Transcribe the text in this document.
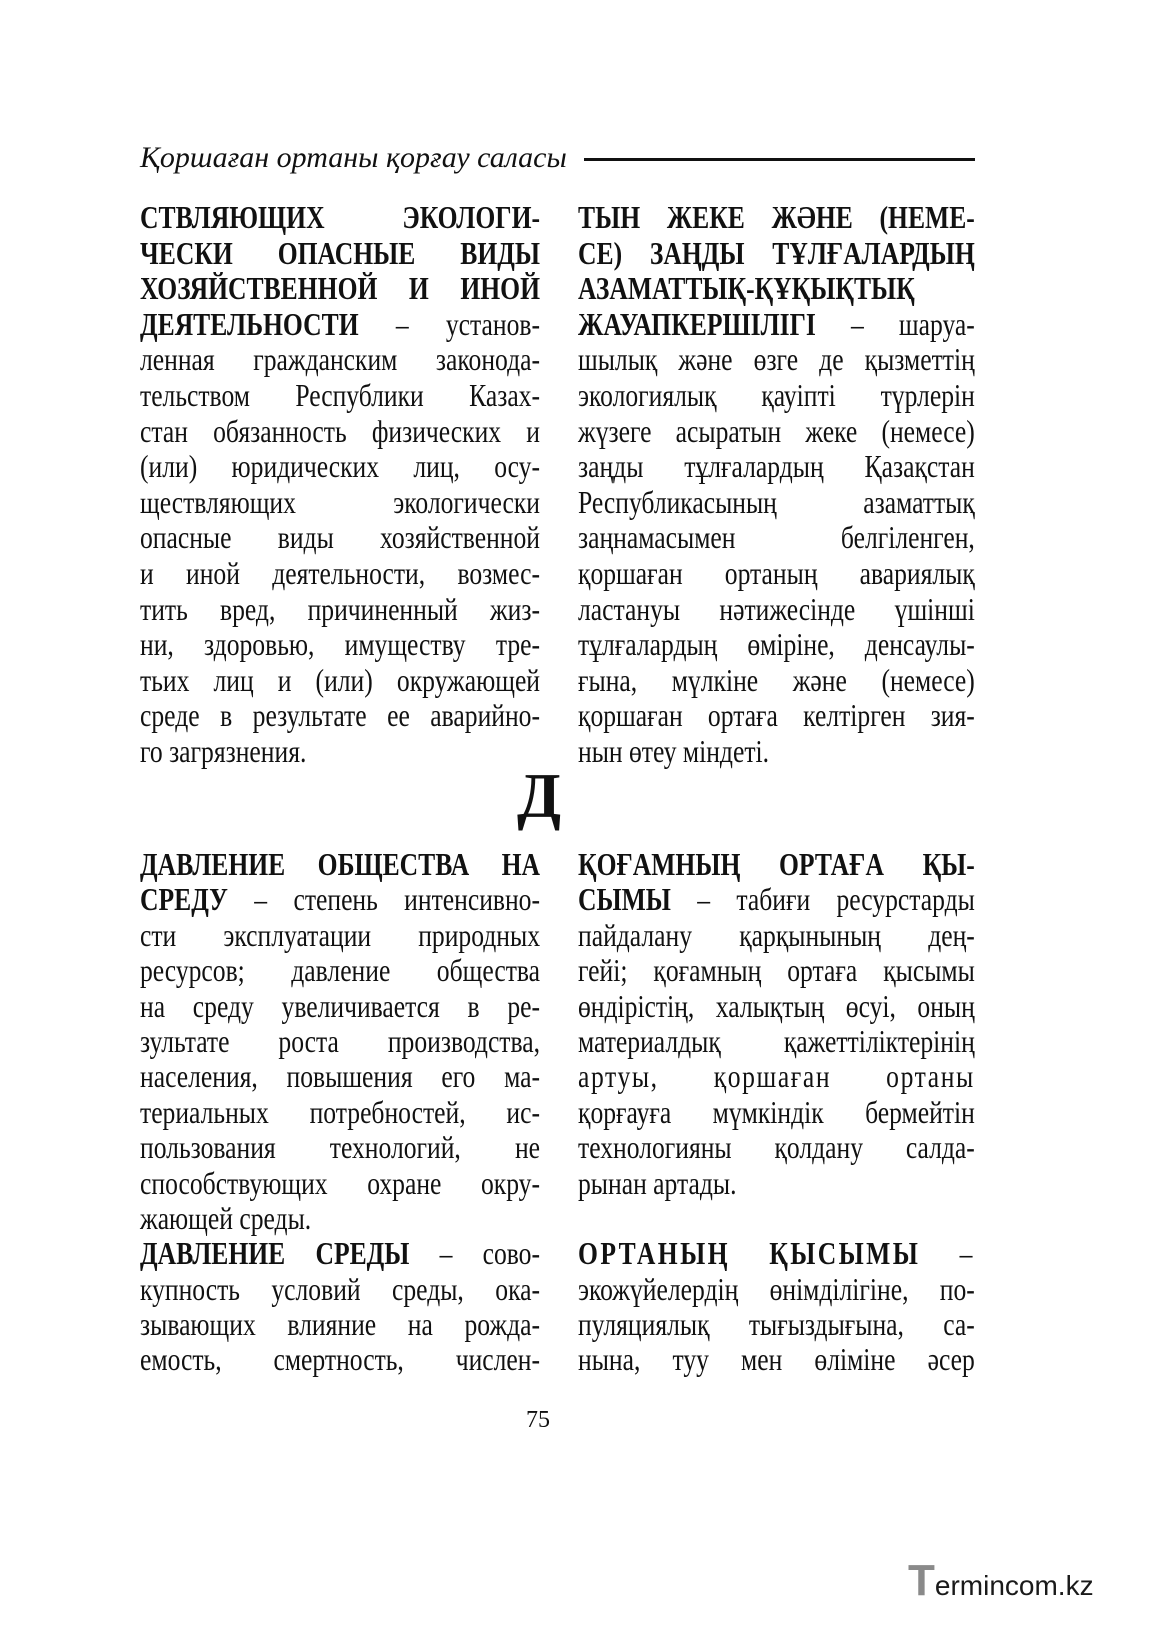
Қоршаған ортаны қорғау саласы
СТВЛЯЮЩИХ ЭКОЛОГИ-
ЧЕСКИ ОПАСНЫЕ ВИДЫ
ХОЗЯЙСТВЕННОЙ И ИНОЙ
ДЕЯТЕЛЬНОСТИ – установ-
ленная гражданским законода-
тельством Республики Казах-
стан обязанность физических и
(или) юридических лиц, осу-
ществляющих экологически
опасные виды хозяйственной
и иной деятельности, возмес-
тить вред, причиненный жиз-
ни, здоровью, имуществу тре-
тьих лиц и (или) окружающей
среде в результате ее аварийно-
го загрязнения.
ТЫН ЖЕКЕ ЖӘНЕ (НЕМЕ-
СЕ) ЗАҢДЫ ТҰЛҒАЛАРДЫҢ
АЗАМАТТЫҚ-ҚҰҚЫҚТЫҚ
ЖАУАПКЕРШІЛІГІ – шаруа-
шылық және өзге де қызметтің
экологиялық қауіпті түрлерін
жүзеге асыратын жеке (немесе)
заңды тұлғалардың Қазақстан
Республикасының азаматтық
заңнамасымен белгіленген,
қоршаған ортаның авариялық
ластануы нәтижесінде үшінші
тұлғалардың өміріне, денсаулы-
ғына, мүлкіне және (немесе)
қоршаған ортаға келтірген зия-
нын өтеу міндеті.
Д
ДАВЛЕНИЕ ОБЩЕСТВА НА
СРЕДУ – степень интенсивно-
сти эксплуатации природных
ресурсов; давление общества
на среду увеличивается в ре-
зультате роста производства,
населения, повышения его ма-
териальных потребностей, ис-
пользования технологий, не
способствующих охране окру-
жающей среды.
ДАВЛЕНИЕ СРЕДЫ – сово-
купность условий среды, ока-
зывающих влияние на рожда-
емость, смертность, числен-
ҚОҒАМНЫҢ ОРТАҒА ҚЫ-
СЫМЫ – табиғи ресурстарды
пайдалану қарқынының дең-
гейі; қоғамның ортаға қысымы
өндірістің, халықтың өсуі, оның
материалдық қажеттіліктерінің
артуы, қоршаған ортаны
қорғауға мүмкіндік бермейтін
технологияны қолдану салда-
рынан артады.
ОРТАНЫҢ ҚЫСЫМЫ –
экожүйелердің өнімділігіне, по-
пуляциялық тығыздығына, са-
нына, туу мен өліміне әсер
75
Termincom.kz
